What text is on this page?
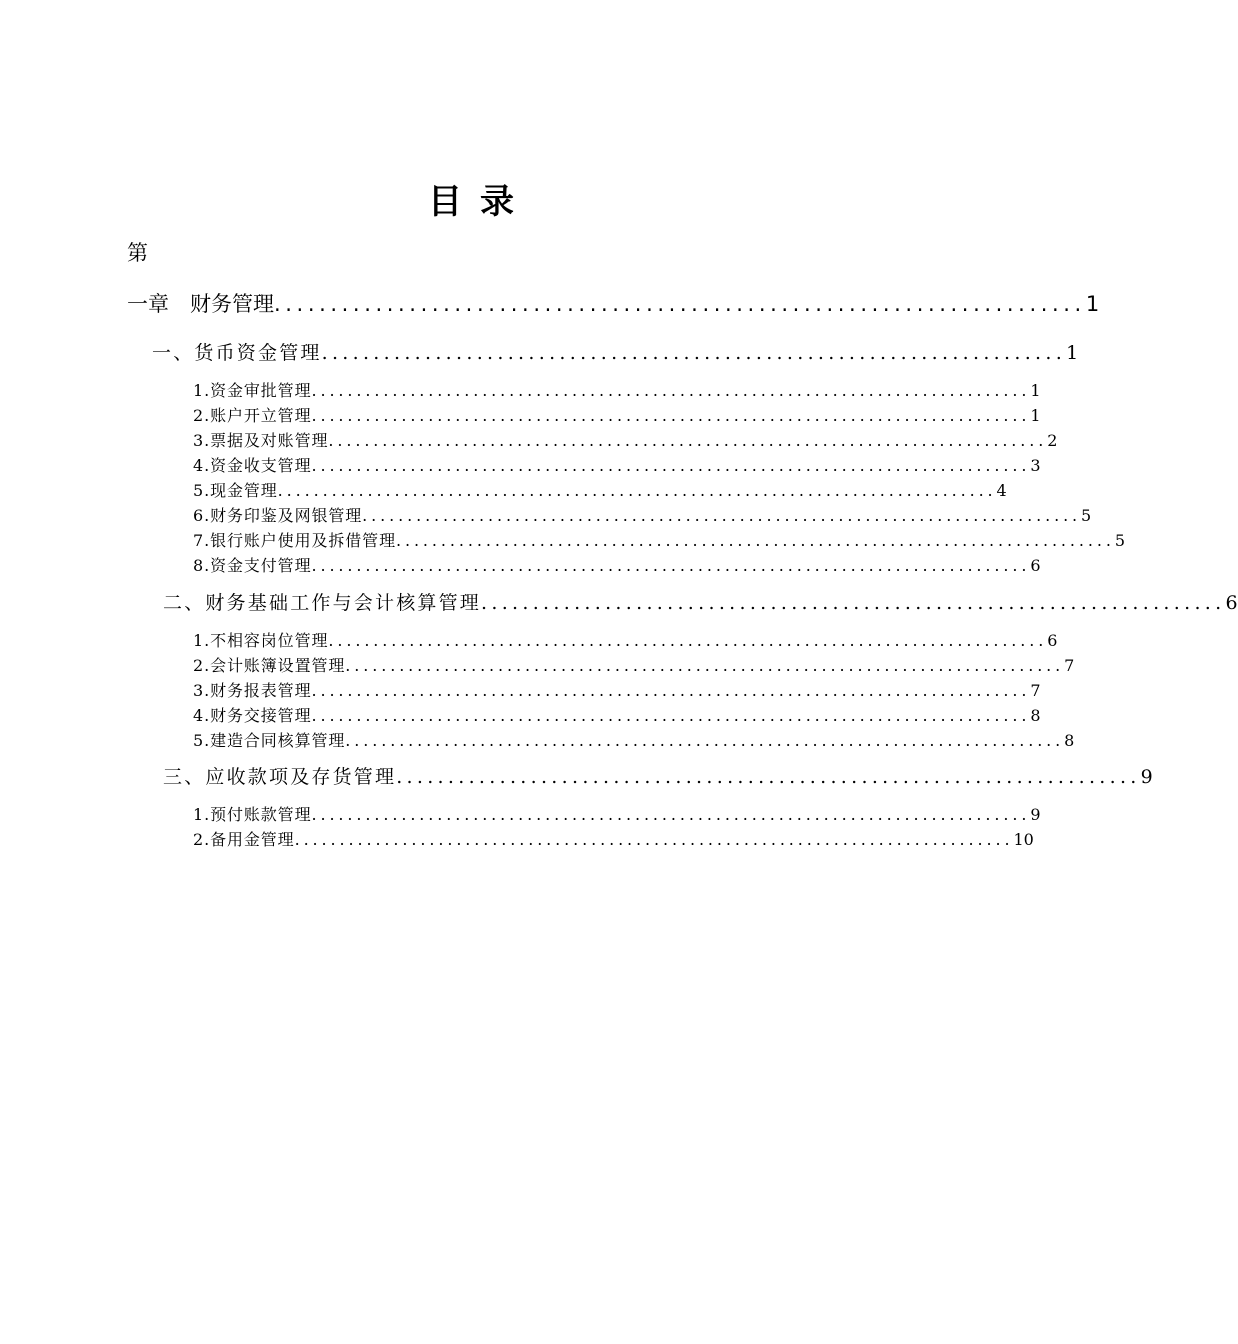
目录
第
一章　财务管理 ........................................................................ 1
一、货币资金管理 ........................................................................ 1
1.资金审批管理 ................................................................................ 1
2.账户开立管理 ................................................................................ 1
3.票据及对账管理 ................................................................................ 2
4.资金收支管理 ................................................................................ 3
5.现金管理 ................................................................................ 4
6.财务印鉴及网银管理 ................................................................................ 5
7.银行账户使用及拆借管理 ................................................................................ 5
8.资金支付管理 ................................................................................ 6
二、财务基础工作与会计核算管理 ........................................................................ 6
1.不相容岗位管理 ................................................................................ 6
2.会计账簿设置管理 ................................................................................ 7
3.财务报表管理 ................................................................................ 7
4.财务交接管理 ................................................................................ 8
5.建造合同核算管理 ................................................................................ 8
三、应收款项及存货管理 ........................................................................ 9
1.预付账款管理 ................................................................................ 9
2.备用金管理 ................................................................................ 10
